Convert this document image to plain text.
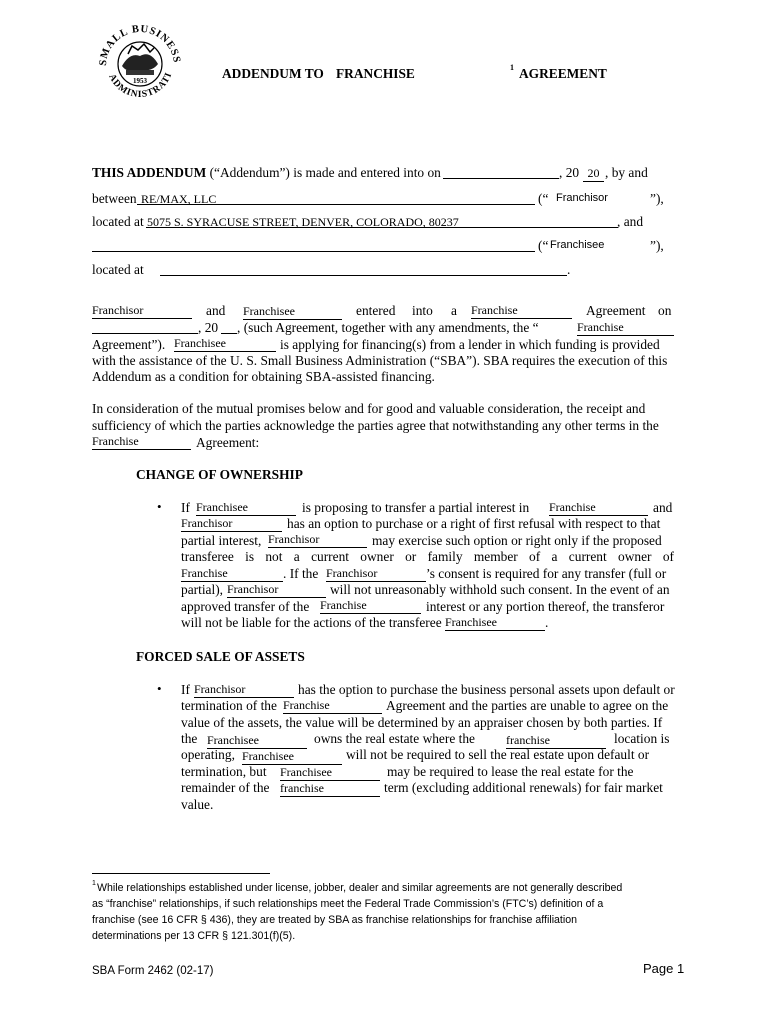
SMALL BUSINESS
ADMINISTRATI
1953	ADDENDUM TO FRANCHISE	1 AGREEMENT
THIS ADDENDUM (“Addendum”) is made and entered into on	, 20 20 , by and
between RE/MAX, LLC	(“ Franchisor	”),
located at 5075 S. SYRACUSE STREET, DENVER, COLORADO, 80237	, and
(“ Franchisee	”),
located at	.
Franchisor	and Franchisee	entered into a Franchise	Agreement on
, 20 , (such Agreement, together with any amendments, the “	Franchise
Agreement”). Franchisee	is applying for financing(s) from a lender in which funding is provided
with the assistance of the U. S. Small Business Administration (“SBA”). SBA requires the execution of this
Addendum as a condition for obtaining SBA-assisted financing.
In consideration of the mutual promises below and for good and valuable consideration, the receipt and
sufficiency of which the parties acknowledge the parties agree that notwithstanding any other terms in the
Franchise	Agreement:
CHANGE OF OWNERSHIP
• If Franchisee	is proposing to transfer a partial interest in Franchise	and
Franchisor	has an option to purchase or a right of first refusal with respect to that
partial interest, Franchisor	may exercise such option or right only if the proposed
transferee is not a current owner or family member of a current owner of
Franchise	. If the Franchisor	’s consent is required for any transfer (full or
partial), Franchisor	will not unreasonably withhold such consent. In the event of an
approved transfer of the Franchise	interest or any portion thereof, the transferor
will not be liable for the actions of the transferee Franchisee	.
FORCED SALE OF ASSETS
• If Franchisor	has the option to purchase the business personal assets upon default or
termination of the Franchise	Agreement and the parties are unable to agree on the
value of the assets, the value will be determined by an appraiser chosen by both parties. If
the Franchisee	owns the real estate where the	franchise	location is
operating, Franchisee	will not be required to sell the real estate upon default or
termination, but Franchisee	may be required to lease the real estate for the
remainder of the franchise	term (excluding additional renewals) for fair market
value.
1 While relationships established under license, jobber, dealer and similar agreements are not generally described
as “franchise” relationships, if such relationships meet the Federal Trade Commission’s (FTC’s) definition of a
franchise (see 16 CFR § 436), they are treated by SBA as franchise relationships for franchise affiliation
determinations per 13 CFR § 121.301(f)(5).
SBA Form 2462 (02-17)	Page 1
